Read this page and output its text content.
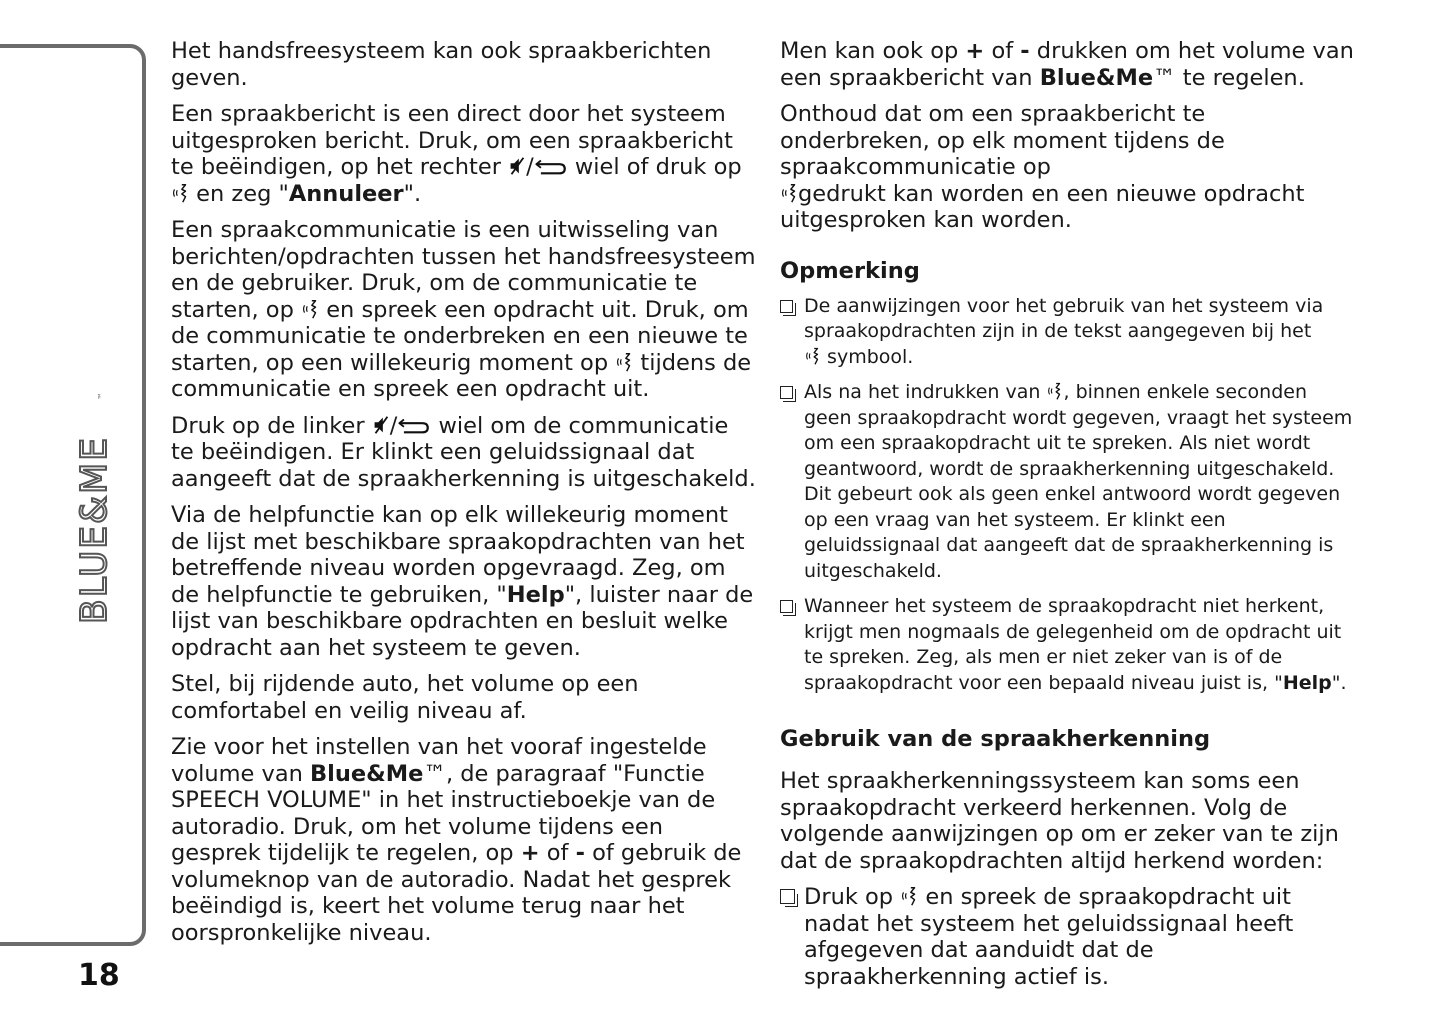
BLUE&ME
™
18

Het handsfreesysteem kan ook spraakberichten geven.

Een spraakbericht is een direct door het systeem uitgesproken bericht. Druk, om een spraakbericht te beëindigen, op het rechter / wiel of druk op
en zeg "Annuleer".

Een spraakcommunicatie is een uitwisseling van berichten/opdrachten tussen het handsfreesysteem en de gebruiker. Druk, om de communicatie te starten, op en spreek een opdracht uit. Druk, om de communicatie te onderbreken en een nieuwe te starten, op een willekeurig moment op tijdens de communicatie en spreek een opdracht uit.

Druk op de linker / wiel om de communicatie te beëindigen. Er klinkt een geluidssignaal dat aangeeft dat de spraakherkenning is uitgeschakeld.

Via de helpfunctie kan op elk willekeurig moment de lijst met beschikbare spraakopdrachten van het betreffende niveau worden opgevraagd. Zeg, om de helpfunctie te gebruiken, "Help", luister naar de lijst van beschikbare opdrachten en besluit welke opdracht aan het systeem te geven.

Stel, bij rijdende auto, het volume op een comfortabel en veilig niveau af.

Zie voor het instellen van het vooraf ingestelde volume van Blue&Me™, de paragraaf "Functie SPEECH VOLUME" in het instructieboekje van de autoradio. Druk, om het volume tijdens een gesprek tijdelijk te regelen, op + of - of gebruik de volumeknop van de autoradio. Nadat het gesprek beëindigd is, keert het volume terug naar het oorspronkelijke niveau.

Men kan ook op + of - drukken om het volume van een spraakbericht van Blue&Me™ te regelen.

Onthoud dat om een spraakbericht te onderbreken, op elk moment tijdens de spraakcommunicatie op
gedrukt kan worden en een nieuwe opdracht uitgesproken kan worden.

Opmerking
De aanwijzingen voor het gebruik van het systeem via spraakopdrachten zijn in de tekst aangegeven bij het
symbool.
Als na het indrukken van , binnen enkele seconden geen spraakopdracht wordt gegeven, vraagt het systeem om een spraakopdracht uit te spreken. Als niet wordt geantwoord, wordt de spraakherkenning uitgeschakeld. Dit gebeurt ook als geen enkel antwoord wordt gegeven op een vraag van het systeem. Er klinkt een geluidssignaal dat aangeeft dat de spraakherkenning is uitgeschakeld.
Wanneer het systeem de spraakopdracht niet herkent, krijgt men nogmaals de gelegenheid om de opdracht uit te spreken. Zeg, als men er niet zeker van is of de spraakopdracht voor een bepaald niveau juist is, "Help".
Gebruik van de spraakherkenning

Het spraakherkenningssysteem kan soms een spraakopdracht verkeerd herkennen. Volg de volgende aanwijzingen op om er zeker van te zijn dat de spraakopdrachten altijd herkend worden:

Druk op en spreek de spraakopdracht uit nadat het systeem het geluidssignaal heeft afgegeven dat aanduidt dat de spraakherkenning actief is.
